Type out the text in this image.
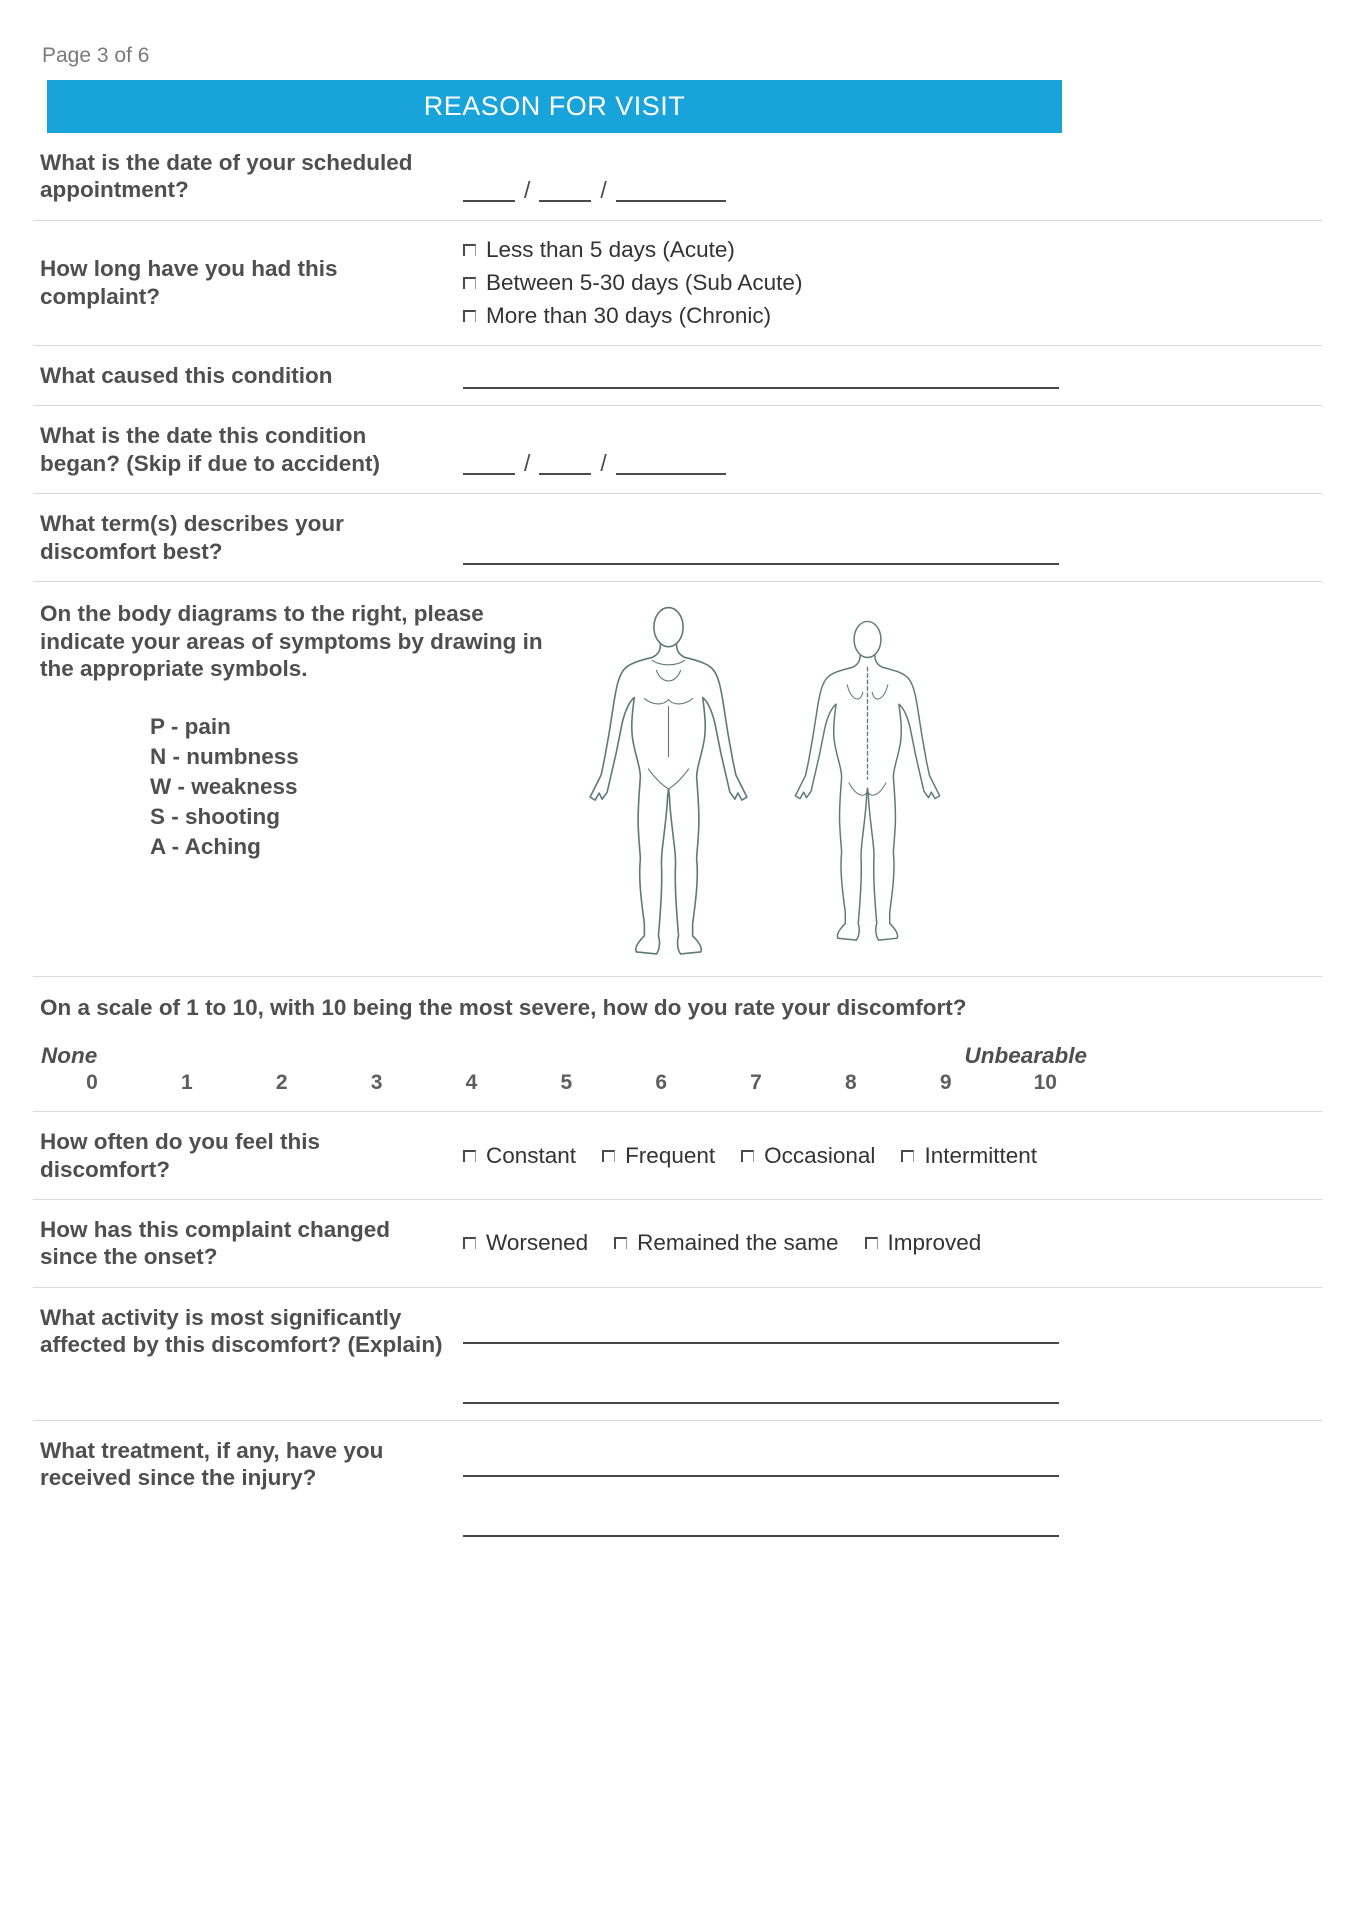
Page 3 of 6
REASON FOR VISIT
What is the date of your scheduled appointment?	/	/
How long have you had this complaint?
Less than 5 days (Acute)
Between 5-30 days (Sub Acute)
More than 30 days (Chronic)
What caused this condition
What is the date this condition began? (Skip if due to accident)	/	/
What term(s) describes your discomfort best?
On the body diagrams to the right, please indicate your areas of symptoms by drawing in the appropriate symbols.
P - pain
N - numbness
W - weakness
S - shooting
A - Aching
On a scale of 1 to 10, with 10 being the most severe, how do you rate your discomfort?
None	Unbearable
0	1	2	3	4	5	6	7	8	9	10
How often do you feel this discomfort?
Constant Frequent Occasional Intermittent
How has this complaint changed since the onset?
Worsened Remained the same Improved
What activity is most significantly affected by this discomfort? (Explain)
What treatment, if any, have you received since the injury?
